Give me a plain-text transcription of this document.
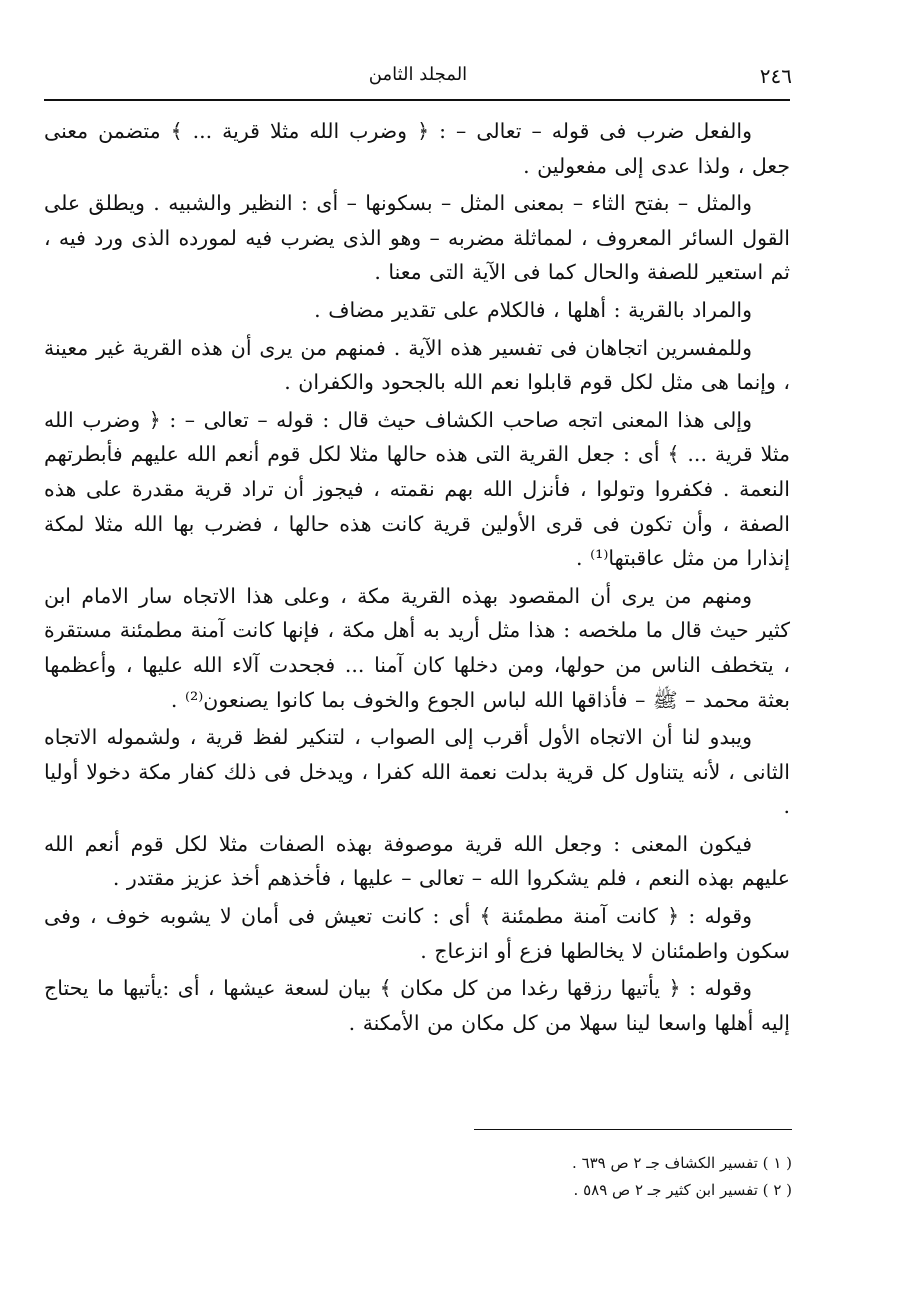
٢٤٦
المجلد الثامن

والفعل ضرب فى قوله – تعالى – : ﴿ وضرب الله مثلا قرية ... ﴾ متضمن معنى جعل ، ولذا عدى إلى مفعولين .

والمثل – بفتح الثاء – بمعنى المثل – بسكونها – أى : النظير والشبيه . ويطلق على القول السائر المعروف ، لمماثلة مضربه – وهو الذى يضرب فيه لمورده الذى ورد فيه ، ثم استعير للصفة والحال كما فى الآية التى معنا .

والمراد بالقرية : أهلها ، فالكلام على تقدير مضاف .

وللمفسرين اتجاهان فى تفسير هذه الآية . فمنهم من يرى أن هذه القرية غير معينة ، وإنما هى مثل لكل قوم قابلوا نعم الله بالجحود والكفران .

وإلى هذا المعنى اتجه صاحب الكشاف حيث قال : قوله – تعالى – : ﴿ وضرب الله مثلا قرية ... ﴾ أى : جعل القرية التى هذه حالها مثلا لكل قوم أنعم الله عليهم فأبطرتهم النعمة . فكفروا وتولوا ، فأنزل الله بهم نقمته ، فيجوز أن تراد قرية مقدرة على هذه الصفة ، وأن تكون فى قرى الأولين قرية كانت هذه حالها ، فضرب بها الله مثلا لمكة إنذارا من مثل عاقبتها⁽¹⁾ .

ومنهم من يرى أن المقصود بهذه القرية مكة ، وعلى هذا الاتجاه سار الامام ابن كثير حيث قال ما ملخصه : هذا مثل أريد به أهل مكة ، فإنها كانت آمنة مطمئنة مستقرة ، يتخطف الناس من حولها، ومن دخلها كان آمنا ... فجحدت آلاء الله عليها ، وأعظمها بعثة محمد – ﷺ – فأذاقها الله لباس الجوع والخوف بما كانوا يصنعون⁽²⁾ .

ويبدو لنا أن الاتجاه الأول أقرب إلى الصواب ، لتنكير لفظ قرية ، ولشموله الاتجاه الثانى ، لأنه يتناول كل قرية بدلت نعمة الله كفرا ، ويدخل فى ذلك كفار مكة دخولا أوليا .

فيكون المعنى : وجعل الله قرية موصوفة بهذه الصفات مثلا لكل قوم أنعم الله عليهم بهذه النعم ، فلم يشكروا الله – تعالى – عليها ، فأخذهم أخذ عزيز مقتدر .

وقوله : ﴿ كانت آمنة مطمئنة ﴾ أى : كانت تعيش فى أمان لا يشوبه خوف ، وفى سكون واطمئنان لا يخالطها فزع أو انزعاج .

وقوله : ﴿ يأتيها رزقها رغدا من كل مكان ﴾ بيان لسعة عيشها ، أى :يأتيها ما يحتاج إليه أهلها واسعا لينا سهلا من كل مكان من الأمكنة .

( ١ ) تفسير الكشاف جـ ٢ ص ٦٣٩ .
( ٢ ) تفسير ابن كثير جـ ٢ ص ٥٨٩ .
